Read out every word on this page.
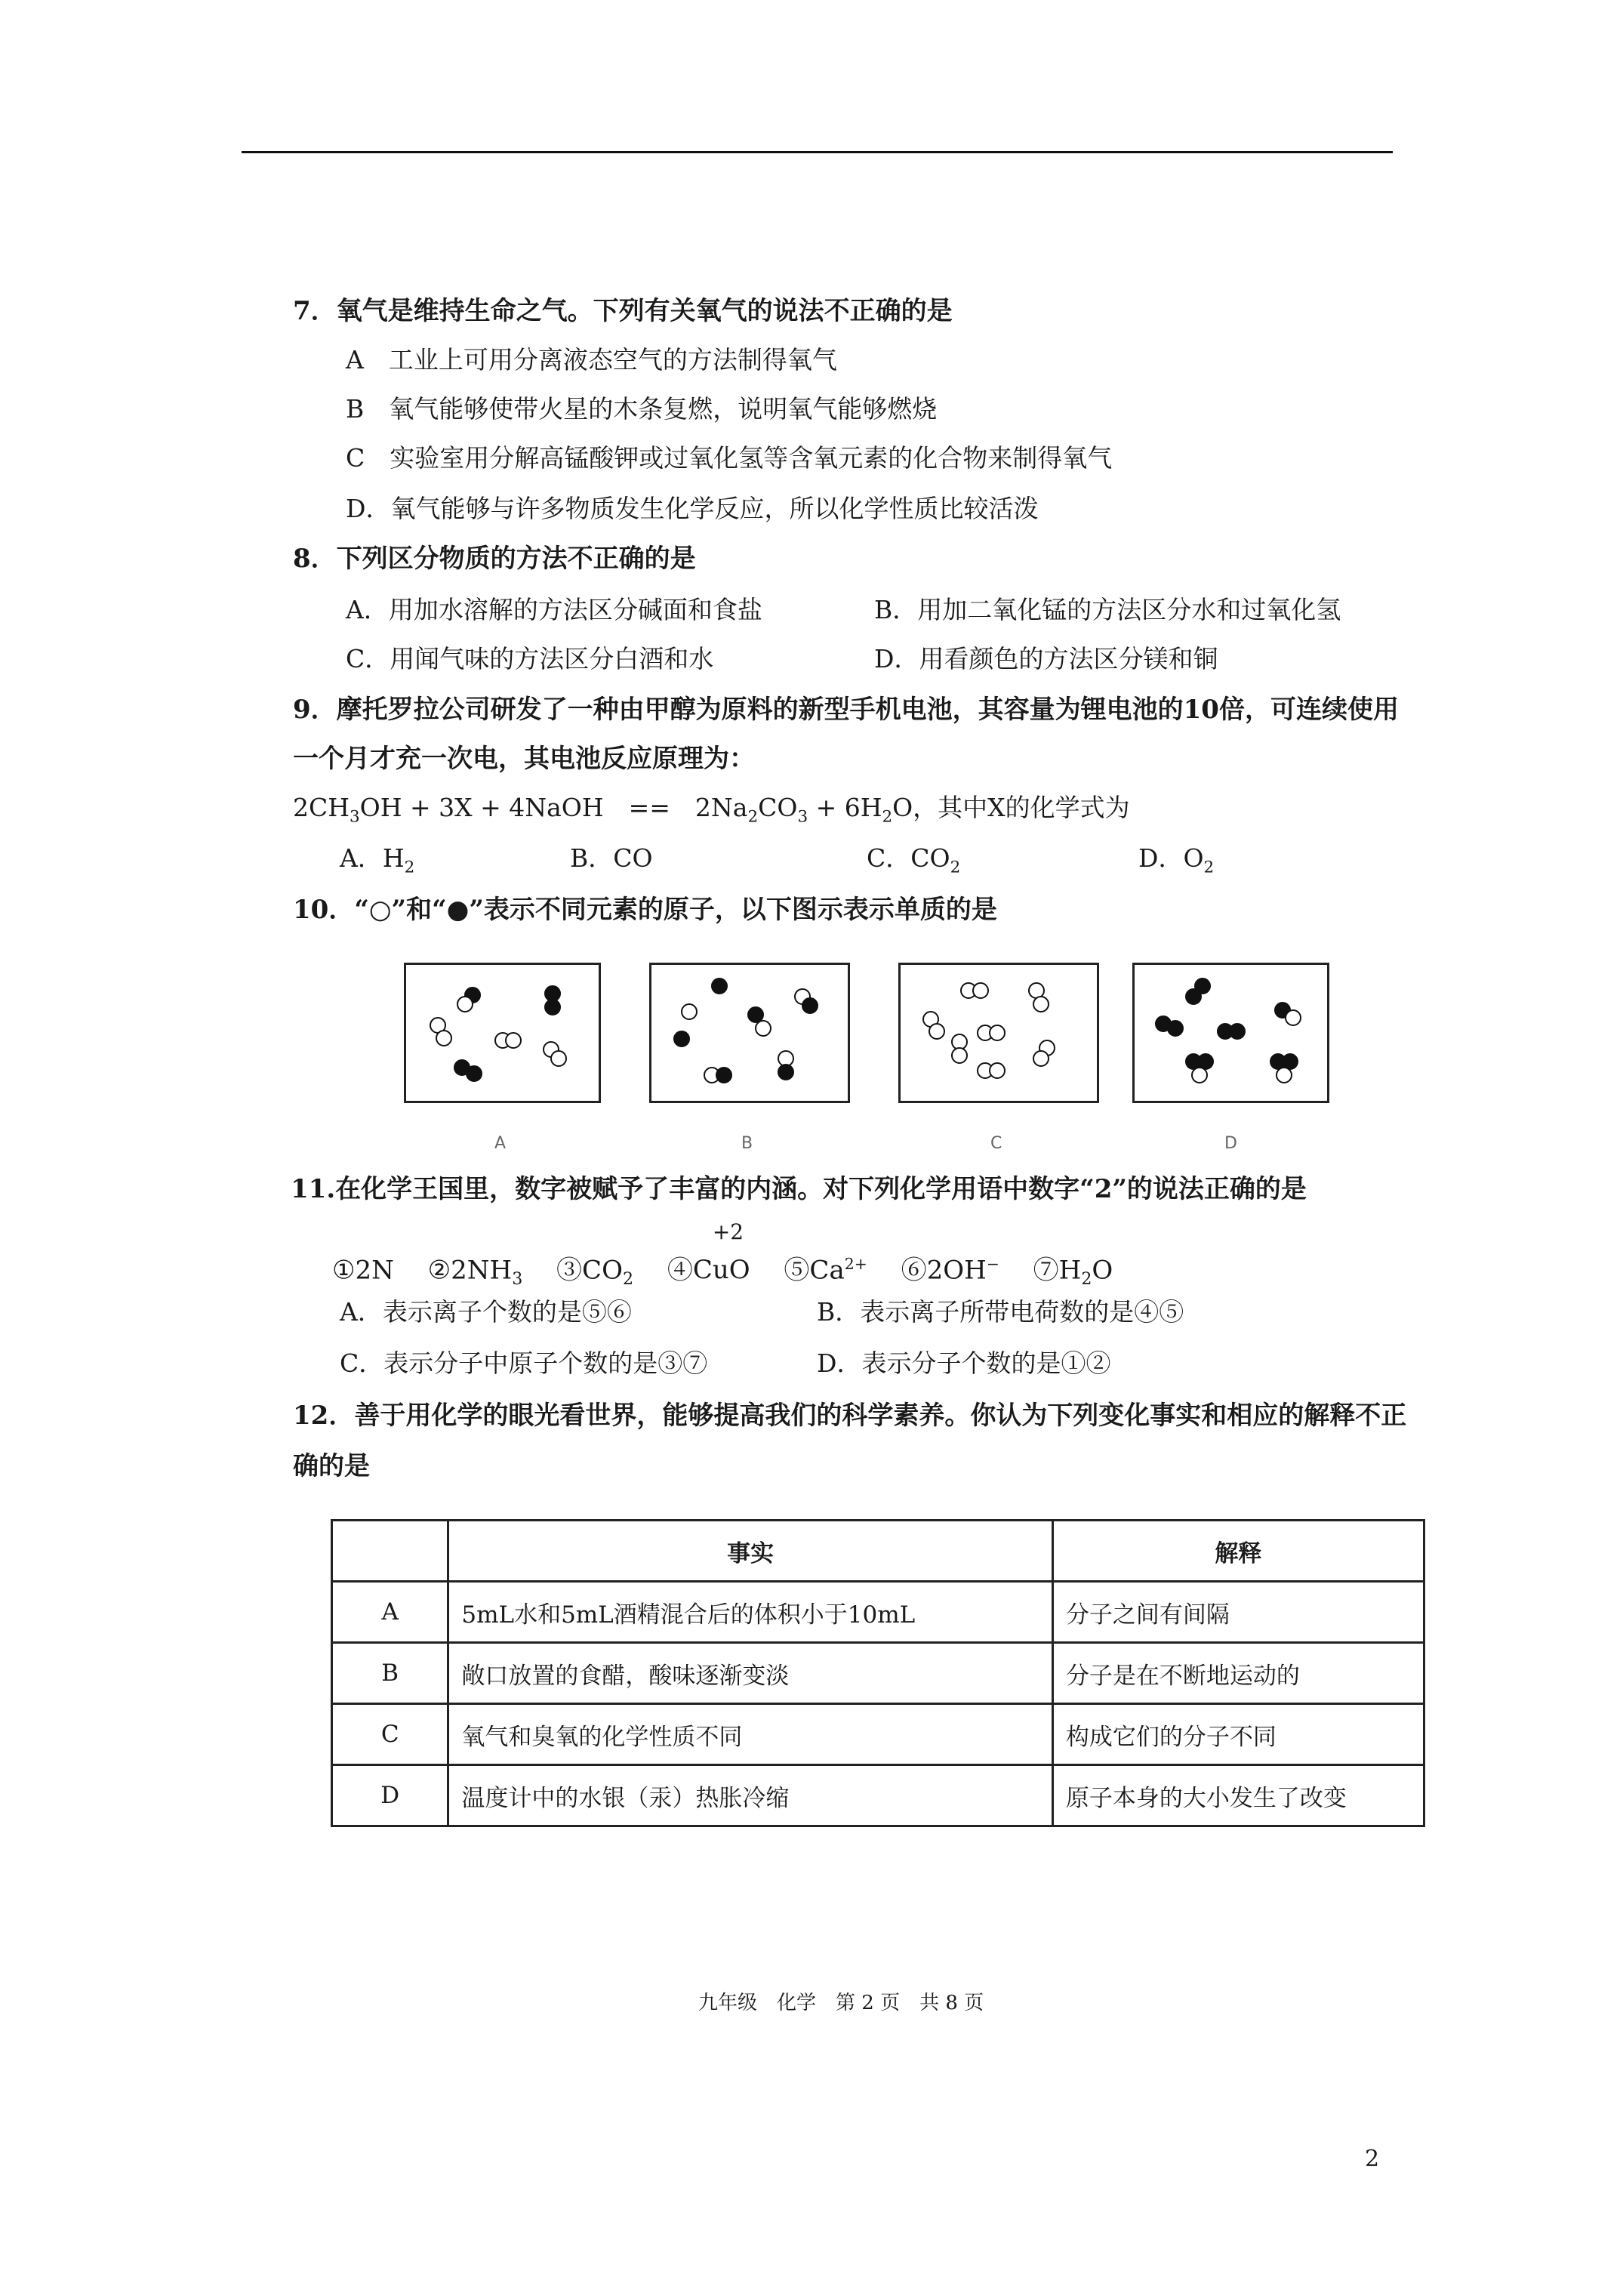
7．氧气是维持生命之气。下列有关氧气的说法不正确的是
A　工业上可用分离液态空气的方法制得氧气
B　氧气能够使带火星的木条复燃，说明氧气能够燃烧
C　实验室用分解高锰酸钾或过氧化氢等含氧元素的化合物来制得氧气
D．氧气能够与许多物质发生化学反应，所以化学性质比较活泼
8．下列区分物质的方法不正确的是
A．用加水溶解的方法区分碱面和食盐	B．用加二氧化锰的方法区分水和过氧化氢
C．用闻气味的方法区分白酒和水	D．用看颜色的方法区分镁和铜
9．摩托罗拉公司研发了一种由甲醇为原料的新型手机电池，其容量为锂电池的10倍，可连续使用
一个月才充一次电，其电池反应原理为：
$2CH_3OH + 3X$ + 4NaOH　==　$2Na_2CO_3 + 6H_2O$，其中X的化学式为
A．$H_2$	B．CO	C．$CO_2$	D．$O_2$
10．“○”和“●”表示不同元素的原子，以下图示表示单质的是
A	B	C	D
11.在化学王国里，数字被赋予了丰富的内涵。对下列化学用语中数字“2”的说法正确的是
①2N　 $②2NH_3$　 $③CO_2$　 ④
+2
CuO　 $⑤Ca^{2+}$　 ⑥2OH−　 $⑦H_2O$
A．表示离子个数的是⑤⑥	B．表示离子所带电荷数的是④⑤
C．表示分子中原子个数的是③⑦	D．表示分子个数的是①②
12．善于用化学的眼光看世界，能够提高我们的科学素养。你认为下列变化事实和相应的解释不正
确的是
	事实	解释
A	5mL水和5mL酒精混合后的体积小于10mL	分子之间有间隔
B	敞口放置的食醋，酸味逐渐变淡	分子是在不断地运动的
C	氧气和臭氧的化学性质不同	构成它们的分子不同
D	温度计中的水银（汞）热胀冷缩	原子本身的大小发生了改变
九年级　化学　第 2 页　共 8 页
2
